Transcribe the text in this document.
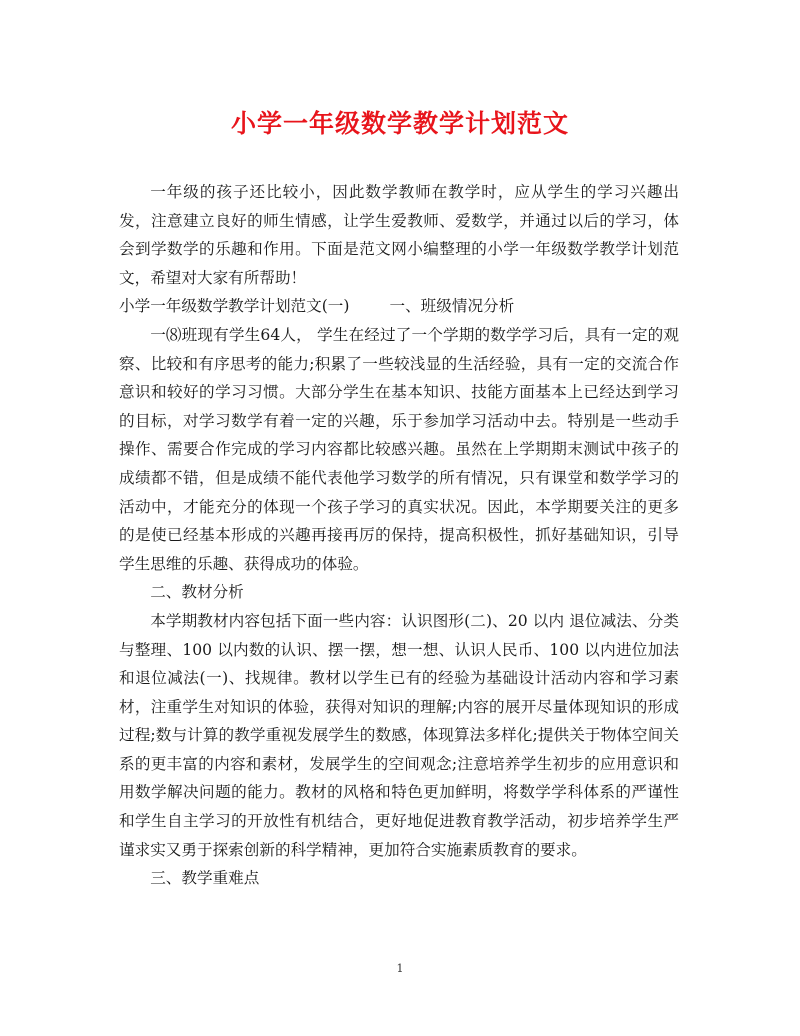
小学一年级数学教学计划范文

一年级的孩子还比较小，因此数学教师在教学时，应从学生的学习兴趣出发，注意建立良好的师生情感，让学生爱教师、爱数学，并通过以后的学习，体会到学数学的乐趣和作用。下面是范文网小编整理的小学一年级数学教学计划范文，希望对大家有所帮助！

小学一年级数学教学计划范文(一)	一、班级情况分析

一⑻班现有学生64人， 学生在经过了一个学期的数学学习后，具有一定的观察、比较和有序思考的能力;积累了一些较浅显的生活经验，具有一定的交流合作意识和较好的学习习惯。大部分学生在基本知识、技能方面基本上已经达到学习的目标，对学习数学有着一定的兴趣，乐于参加学习活动中去。特别是一些动手操作、需要合作完成的学习内容都比较感兴趣。虽然在上学期期末测试中孩子的成绩都不错，但是成绩不能代表他学习数学的所有情况，只有课堂和数学学习的活动中，才能充分的体现一个孩子学习的真实状况。因此，本学期要关注的更多的是使已经基本形成的兴趣再接再厉的保持，提高积极性，抓好基础知识，引导学生思维的乐趣、获得成功的体验。

二、教材分析

本学期教材内容包括下面一些内容：认识图形(二)、20 以内 退位减法、分类与整理、100 以内数的认识、摆一摆，想一想、认识人民币、100 以内进位加法和退位减法(一)、找规律。教材以学生已有的经验为基础设计活动内容和学习素材，注重学生对知识的体验，获得对知识的理解;内容的展开尽量体现知识的形成过程;数与计算的教学重视发展学生的数感，体现算法多样化;提供关于物体空间关系的更丰富的内容和素材，发展学生的空间观念;注意培养学生初步的应用意识和用数学解决问题的能力。教材的风格和特色更加鲜明，将数学学科体系的严谨性和学生自主学习的开放性有机结合，更好地促进教育教学活动，初步培养学生严谨求实又勇于探索创新的科学精神，更加符合实施素质教育的要求。

三、教学重难点

1
